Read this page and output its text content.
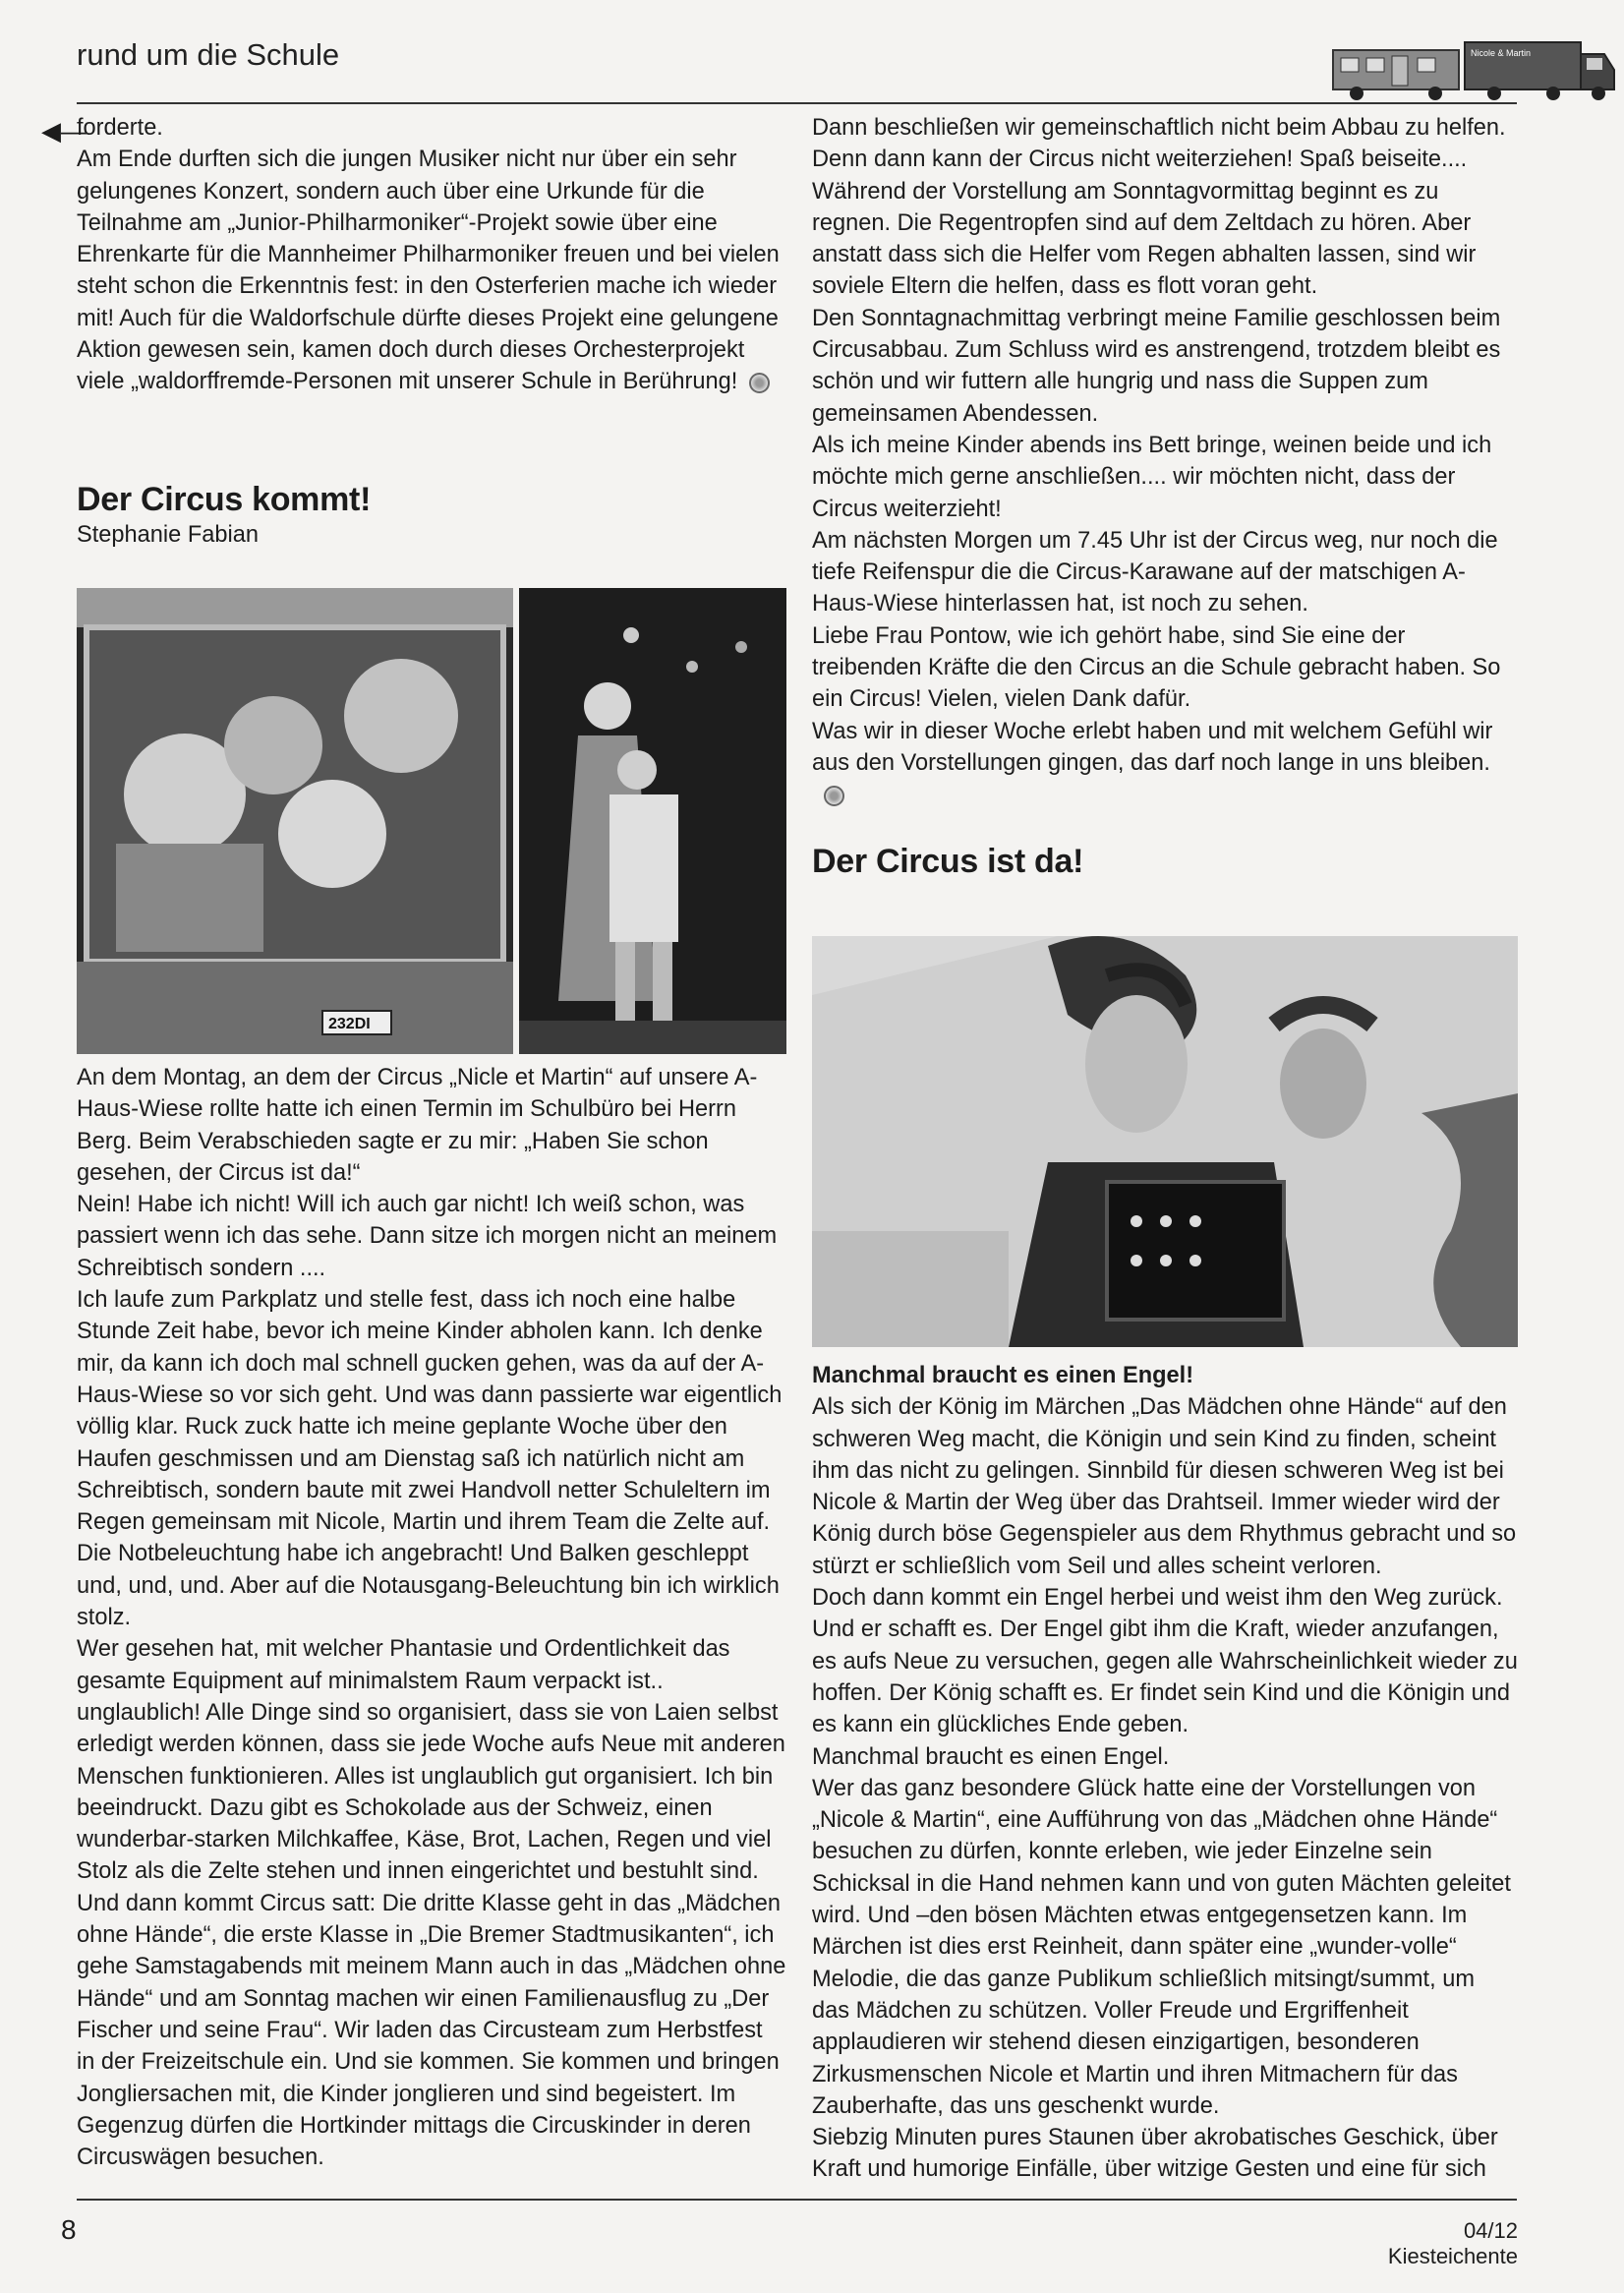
rund um die Schule	Nicole & Martin
◀—

forderte.

Am Ende durften sich die jungen Musiker nicht nur über ein sehr gelungenes Konzert, sondern auch über eine Urkunde für die Teilnahme am „Junior-Philharmoniker“-Projekt sowie über eine Ehrenkarte für die Mannheimer Philharmoniker freuen und bei vielen steht schon die Erkenntnis fest: in den Osterferien mache ich wieder mit! Auch für die Waldorfschule dürfte dieses Projekt eine gelungene Aktion gewesen sein, kamen doch durch dieses Orchesterprojekt viele „waldorffremde-Personen mit unserer Schule in Berührung!

Der Circus kommt!
Stephanie Fabian
232DI

An dem Montag, an dem der Circus „Nicle et Martin“ auf unsere A-Haus-Wiese rollte hatte ich einen Termin im Schulbüro bei Herrn Berg. Beim Verabschieden sagte er zu mir: „Haben Sie schon gesehen, der Circus ist da!“

Nein! Habe ich nicht! Will ich auch gar nicht! Ich weiß schon, was passiert wenn ich das sehe. Dann sitze ich morgen nicht an meinem Schreibtisch sondern ....

Ich laufe zum Parkplatz und stelle fest, dass ich noch eine halbe Stunde Zeit habe, bevor ich meine Kinder abholen kann. Ich denke mir, da kann ich doch mal schnell gucken gehen, was da auf der A-Haus-Wiese so vor sich geht. Und was dann passierte war eigentlich völlig klar. Ruck zuck hatte ich meine geplante Woche über den Haufen geschmissen und am Dienstag saß ich natürlich nicht am Schreibtisch, sondern baute mit zwei Handvoll netter Schuleltern im Regen gemeinsam mit Nicole, Martin und ihrem Team die Zelte auf. Die Notbeleuchtung habe ich angebracht! Und Balken geschleppt und, und, und. Aber auf die Notausgang-Beleuchtung bin ich wirklich stolz.

Wer gesehen hat, mit welcher Phantasie und Ordentlichkeit das gesamte Equipment auf minimalstem Raum verpackt ist.. unglaublich! Alle Dinge sind so organisiert, dass sie von Laien selbst erledigt werden können, dass sie jede Woche aufs Neue mit anderen Menschen funktionieren. Alles ist unglaublich gut organisiert. Ich bin beeindruckt. Dazu gibt es Schokolade aus der Schweiz, einen wunderbar-starken Milchkaffee, Käse, Brot, Lachen, Regen und viel Stolz als die Zelte stehen und innen eingerichtet und bestuhlt sind.

Und dann kommt Circus satt: Die dritte Klasse geht in das „Mädchen ohne Hände“, die erste Klasse in „Die Bremer Stadtmusikanten“, ich gehe Samstagabends mit meinem Mann auch in das „Mädchen ohne Hände“ und am Sonntag machen wir einen Familienausflug zu „Der Fischer und seine Frau“. Wir laden das Circusteam zum Herbstfest in der Freizeitschule ein. Und sie kommen. Sie kommen und bringen Jongliersachen mit, die Kinder jonglieren und sind begeistert. Im Gegenzug dürfen die Hortkinder mittags die Circuskinder in deren Circuswägen besuchen.

Dann beschließen wir gemeinschaftlich nicht beim Abbau zu helfen. Denn dann kann der Circus nicht weiterziehen! Spaß beiseite....

Während der Vorstellung am Sonntagvormittag beginnt es zu regnen. Die Regentropfen sind auf dem Zeltdach zu hören. Aber anstatt dass sich die Helfer vom Regen abhalten lassen, sind wir soviele Eltern die helfen, dass es flott voran geht.

Den Sonntagnachmittag verbringt meine Familie geschlossen beim Circusabbau. Zum Schluss wird es anstrengend, trotzdem bleibt es schön und wir futtern alle hungrig und nass die Suppen zum gemeinsamen Abendessen.

Als ich meine Kinder abends ins Bett bringe, weinen beide und ich möchte mich gerne anschließen.... wir möchten nicht, dass der Circus weiterzieht!

Am nächsten Morgen um 7.45 Uhr ist der Circus weg, nur noch die tiefe Reifenspur die die Circus-Karawane auf der matschigen A-Haus-Wiese hinterlassen hat, ist noch zu sehen.

Liebe Frau Pontow, wie ich gehört habe, sind Sie eine der treibenden Kräfte die den Circus an die Schule gebracht haben. So ein Circus! Vielen, vielen Dank dafür.

Was wir in dieser Woche erlebt haben und mit welchem Gefühl wir aus den Vorstellungen gingen, das darf noch lange in uns bleiben.

Der Circus ist da!

Manchmal braucht es einen Engel!

Als sich der König im Märchen „Das Mädchen ohne Hände“ auf den schweren Weg macht, die Königin und sein Kind zu finden, scheint ihm das nicht zu gelingen. Sinnbild für diesen schweren Weg ist bei Nicole & Martin der Weg über das Drahtseil. Immer wieder wird der König durch böse Gegenspieler aus dem Rhythmus gebracht und so stürzt er schließlich vom Seil und alles scheint verloren.

Doch dann kommt ein Engel herbei und weist ihm den Weg zurück. Und er schafft es. Der Engel gibt ihm die Kraft, wieder anzufangen, es aufs Neue zu versuchen, gegen alle Wahrscheinlichkeit wieder zu hoffen. Der König schafft es. Er findet sein Kind und die Königin und es kann ein glückliches Ende geben.

Manchmal braucht es einen Engel.

Wer das ganz besondere Glück hatte eine der Vorstellungen von „Nicole & Martin“, eine Aufführung von das „Mädchen ohne Hände“ besuchen zu dürfen, konnte erleben, wie jeder Einzelne sein Schicksal in die Hand nehmen kann und von guten Mächten geleitet wird. Und –den bösen Mächten etwas entgegensetzen kann. Im Märchen ist dies erst Reinheit, dann später eine „wunder-volle“ Melodie, die das ganze Publikum schließlich mitsingt/summt, um das Mädchen zu schützen. Voller Freude und Ergriffenheit applaudieren wir stehend diesen einzigartigen, besonderen Zirkusmenschen Nicole et Martin und ihren Mitmachern für das Zauberhafte, das uns geschenkt wurde.

Siebzig Minuten pures Staunen über akrobatisches Geschick, über Kraft und humorige Einfälle, über witzige Gesten und eine für sich

8	04/12 Kiesteichente
